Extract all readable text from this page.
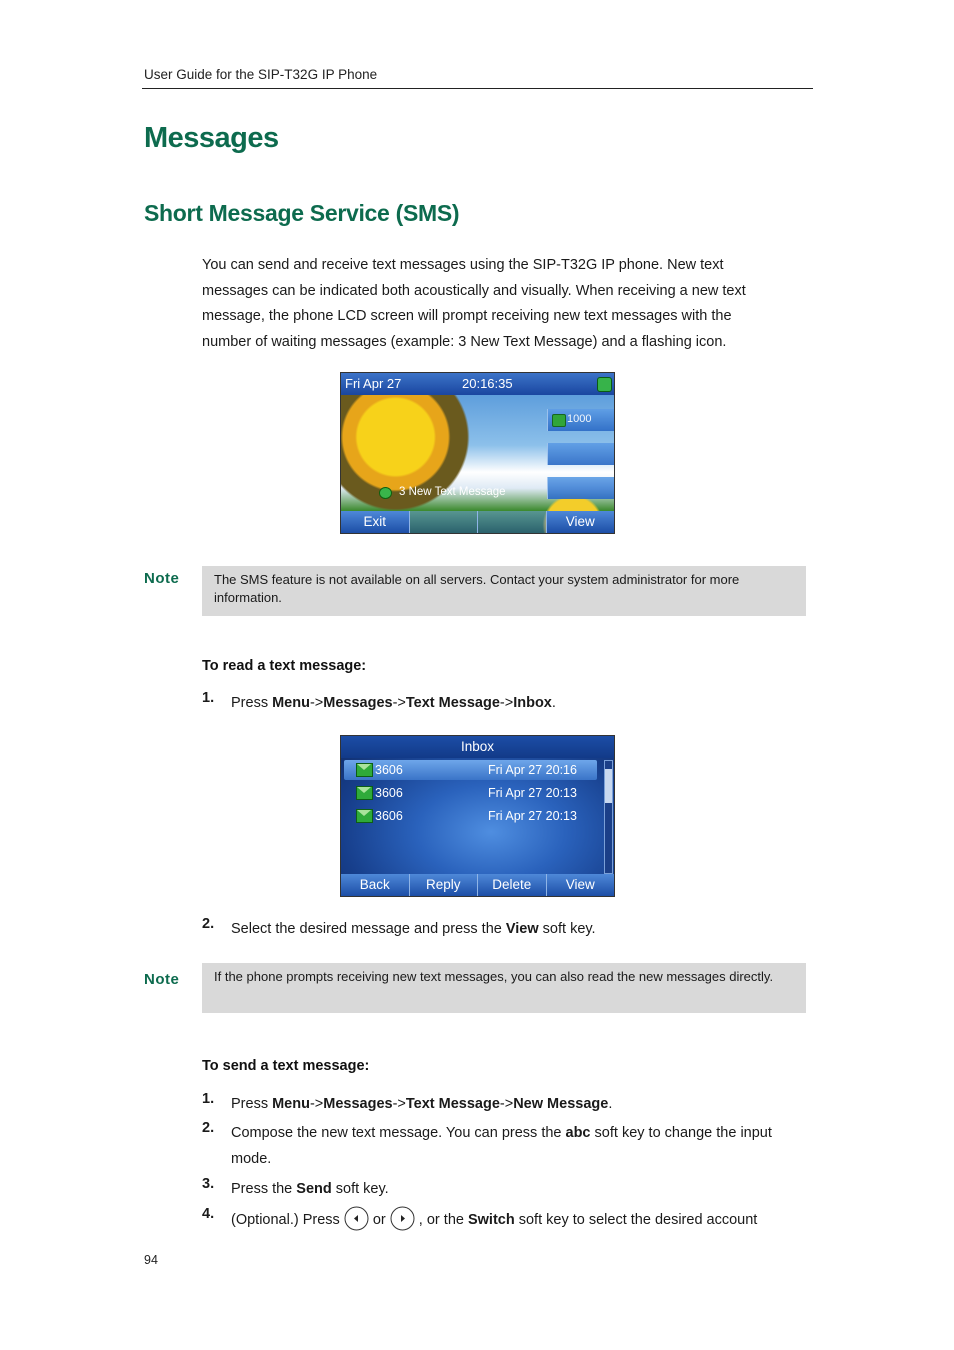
User Guide for the SIP-T32G IP Phone
Messages
Short Message Service (SMS)
You can send and receive text messages using the SIP-T32G IP phone. New text
messages can be indicated both acoustically and visually. When receiving a new text
message, the phone LCD screen will prompt receiving new text messages with the
number of waiting messages (example: 3 New Text Message) and a flashing icon.
Fri Apr 27	20:16:35
1000
3 New Text Message
Exit	View
Note	The SMS feature is not available on all servers. Contact your system administrator for more information.
To read a text message:
1. Press Menu->Messages->Text Message->Inbox.
Inbox
3606	Fri Apr 27 20:16
3606	Fri Apr 27 20:13
3606	Fri Apr 27 20:13
Back	Reply	Delete	View
2. Select the desired message and press the View soft key.
Note	If the phone prompts receiving new text messages, you can also read the new messages directly.
To send a text message:
1. Press Menu->Messages->Text Message->New Message.
2. Compose the new text message. You can press the abc soft key to change the input mode.
3. Press the Send soft key.
4. (Optional.) Press  or  , or the Switch soft key to select the desired account
94
